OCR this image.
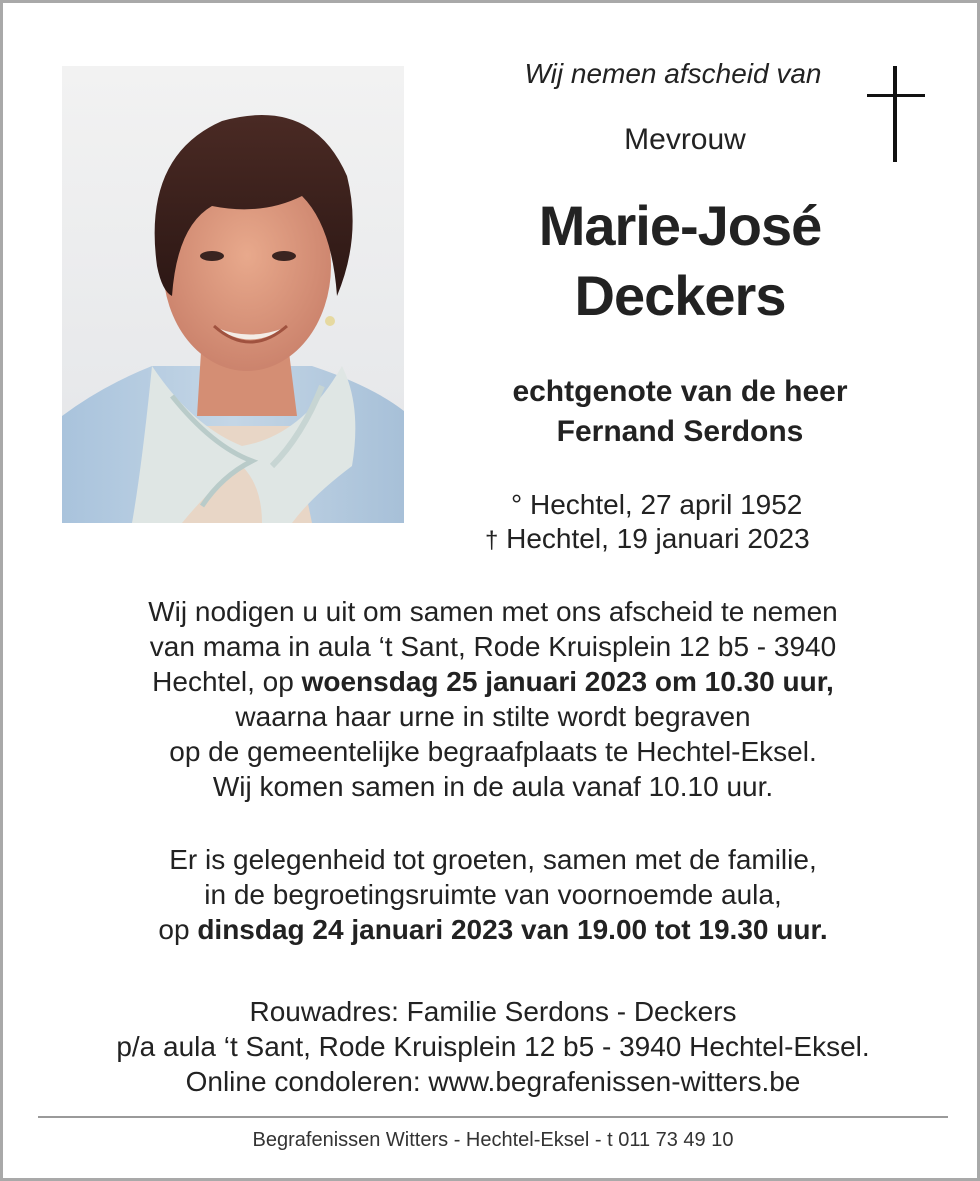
Wij nemen afscheid van
Mevrouw
Marie-José
Deckers
echtgenote van de heer
Fernand Serdons
° Hechtel, 27 april 1952
† Hechtel, 19 januari 2023
Wij nodigen u uit om samen met ons afscheid te nemen
van mama in aula ‘t Sant, Rode Kruisplein 12 b5 - 3940
Hechtel, op woensdag 25 januari 2023 om 10.30 uur,
waarna haar urne in stilte wordt begraven
op de gemeentelijke begraafplaats te Hechtel-Eksel.
Wij komen samen in de aula vanaf 10.10 uur.
Er is gelegenheid tot groeten, samen met de familie,
in de begroetingsruimte van voornoemde aula,
op dinsdag 24 januari 2023 van 19.00 tot 19.30 uur.
Rouwadres: Familie Serdons - Deckers
p/a aula ‘t Sant, Rode Kruisplein 12 b5 - 3940 Hechtel-Eksel.
Online condoleren: www.begrafenissen-witters.be
Begrafenissen Witters - Hechtel-Eksel - t 011 73 49 10
